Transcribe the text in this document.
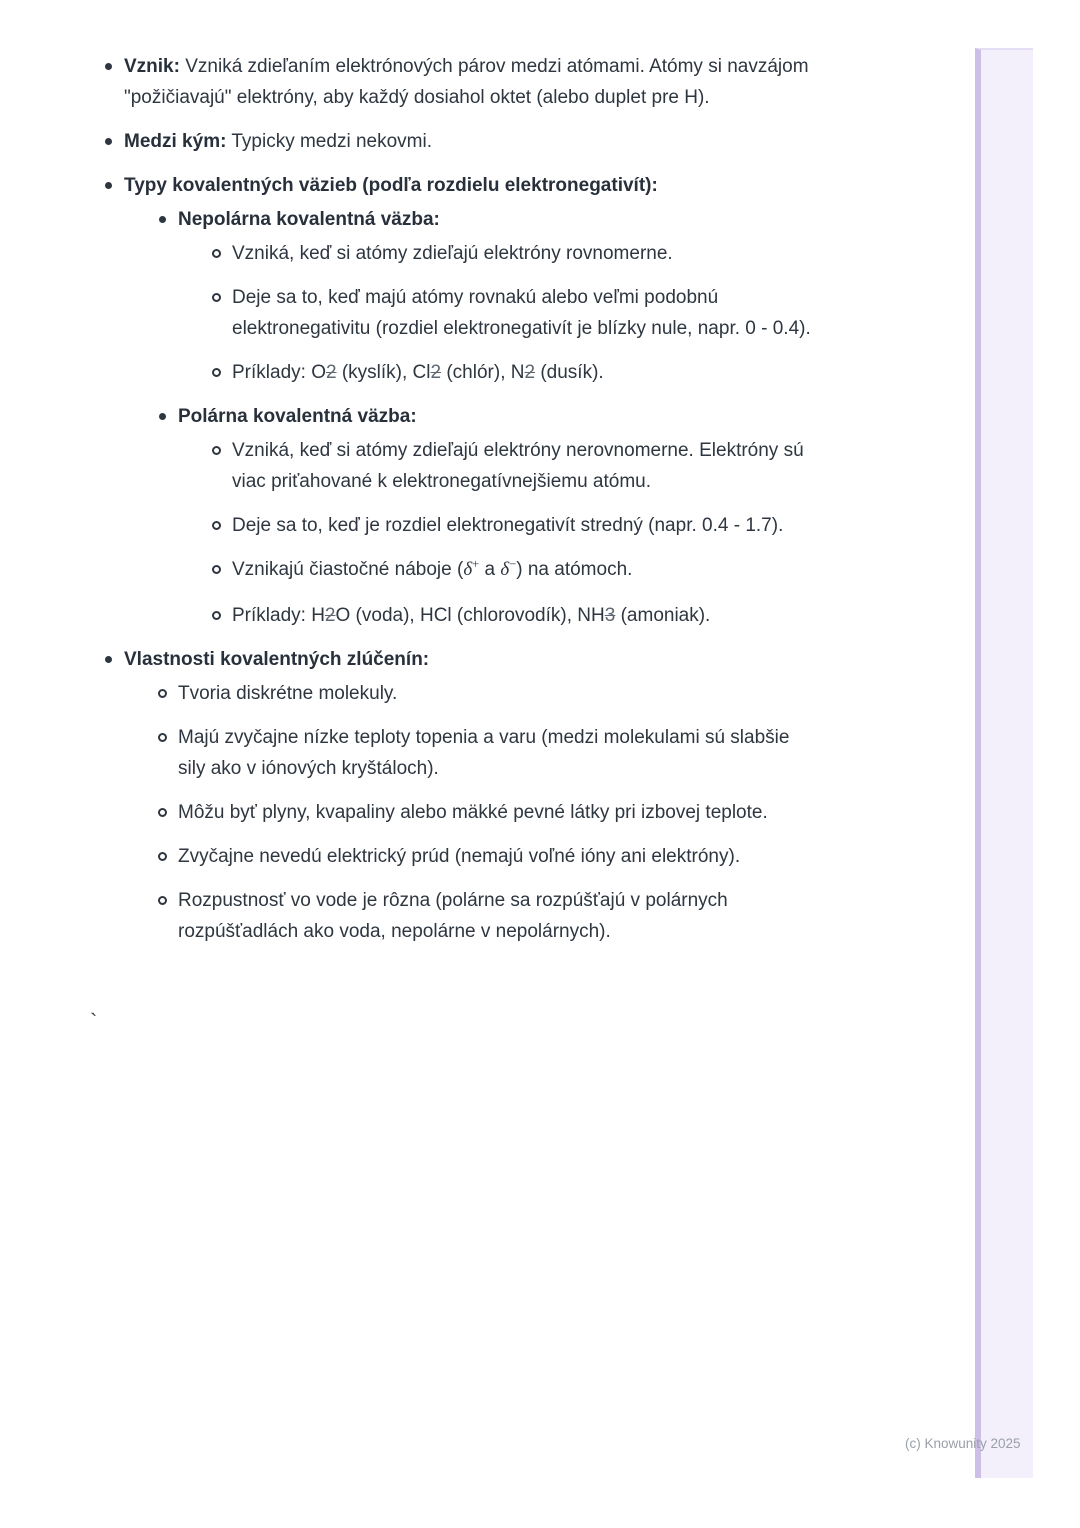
Vznik: Vzniká zdieľaním elektrónových párov medzi atómami. Atómy si navzájom "požičiavajú" elektróny, aby každý dosiahol oktet (alebo duplet pre H).
Medzi kým: Typicky medzi nekovmi.
Typy kovalentných väzieb (podľa rozdielu elektronegativít):
Nepolárna kovalentná väzba:
Vzniká, keď si atómy zdieľajú elektróny rovnomerne.
Deje sa to, keď majú atómy rovnakú alebo veľmi podobnú elektronegativitu (rozdiel elektronegativít je blízky nule, napr. 0 - 0.4).
Príklady: O2 (kyslík), Cl2 (chlór), N2 (dusík).
Polárna kovalentná väzba:
Vzniká, keď si atómy zdieľajú elektróny nerovnomerne. Elektróny sú viac priťahované k elektronegatívnejšiemu atómu.
Deje sa to, keď je rozdiel elektronegativít stredný (napr. 0.4 - 1.7).
Vznikajú čiastočné náboje (δ+ a δ−) na atómoch.
Príklady: H2O (voda), HCl (chlorovodík), NH3 (amoniak).
Vlastnosti kovalentných zlúčenín:
Tvoria diskrétne molekuly.
Majú zvyčajne nízke teploty topenia a varu (medzi molekulami sú slabšie sily ako v iónových kryštáloch).
Môžu byť plyny, kvapaliny alebo mäkké pevné látky pri izbovej teplote.
Zvyčajne nevedú elektrický prúd (nemajú voľné ióny ani elektróny).
Rozpustnosť vo vode je rôzna (polárne sa rozpúšťajú v polárnych rozpúšťadlách ako voda, nepolárne v nepolárnych).
`
(c) Knowunity 2025
